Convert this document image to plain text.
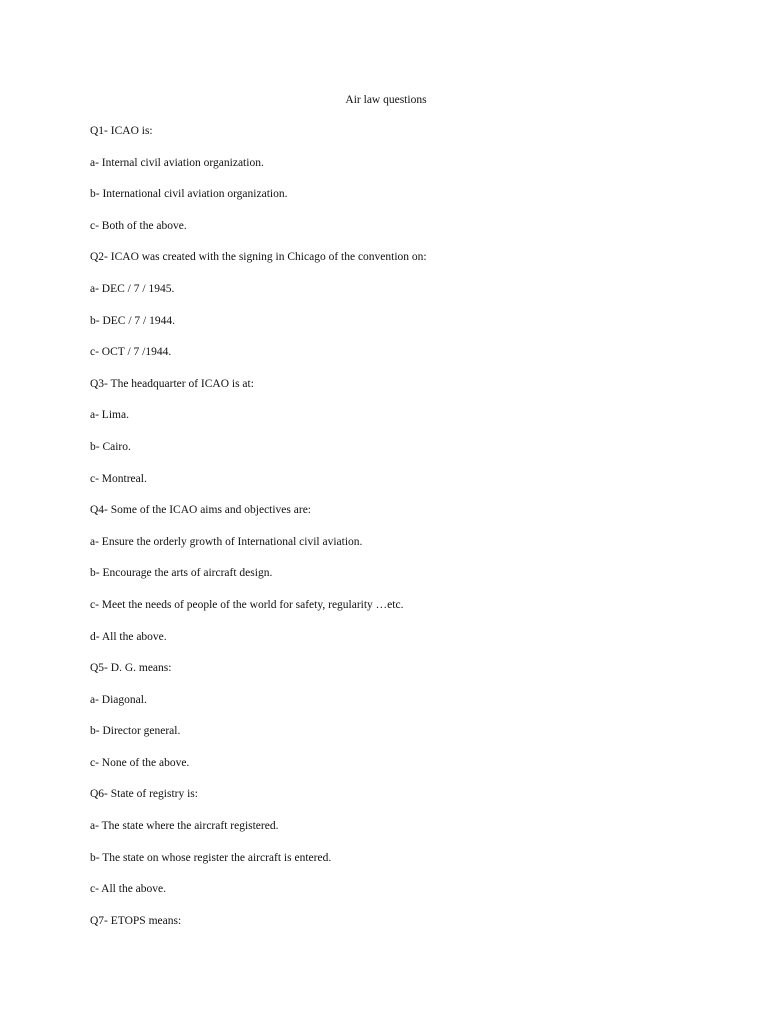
Air law questions
Q1- ICAO is:
a- Internal civil aviation organization.
b- International civil aviation organization.
c- Both of the above.
Q2- ICAO was created with the signing in Chicago of the convention on:
a- DEC / 7 / 1945.
b- DEC / 7 / 1944.
c- OCT / 7 /1944.
Q3- The headquarter of ICAO is at:
a- Lima.
b- Cairo.
c- Montreal.
Q4- Some of the ICAO aims and objectives are:
a- Ensure the orderly growth of International civil aviation.
b- Encourage the arts of aircraft design.
c- Meet the needs of people of the world for safety, regularity …etc.
d- All the above.
Q5- D. G. means:
a- Diagonal.
b- Director general.
c- None of the above.
Q6- State of registry is:
a- The state where the aircraft registered.
b- The state on whose register the aircraft is entered.
c- All the above.
Q7- ETOPS means:
